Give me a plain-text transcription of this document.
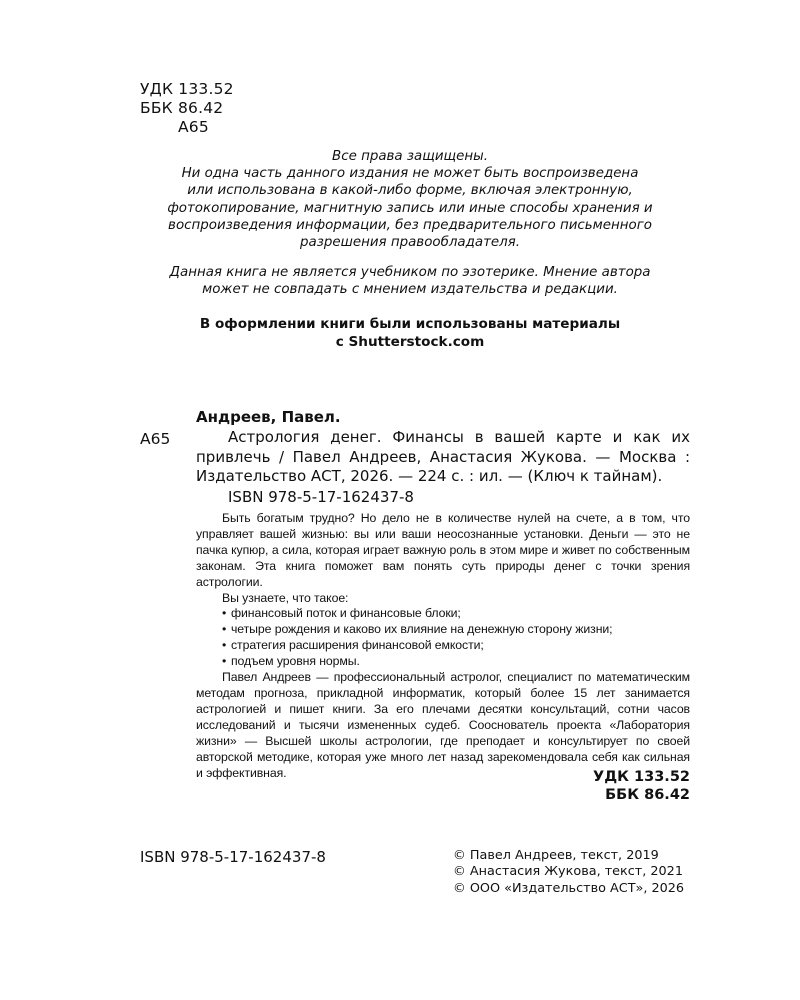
УДК 133.52
ББК 86.42
А65
Все права защищены.
Ни одна часть данного издания не может быть воспроизведена
или использована в какой-либо форме, включая электронную,
фотокопирование, магнитную запись или иные способы хранения и
воспроизведения информации, без предварительного письменного
разрешения правообладателя.
Данная книга не является учебником по эзотерике. Мнение автора
может не совпадать с мнением издательства и редакции.
В оформлении книги были использованы материалы
с Shutterstock.com
Андреев, Павел.
А65	Астрология денег. Финансы в вашей карте и как их привлечь / Павел Андреев, Анастасия Жукова. — Москва : Издательство АСТ, 2026. — 224 с. : ил. — (Ключ к тайнам).
ISBN 978-5-17-162437-8

Быть богатым трудно? Но дело не в количестве нулей на счете, а в том, что управляет вашей жизнью: вы или ваши неосознанные установки. Деньги — это не пачка купюр, а сила, которая играет важную роль в этом мире и живет по собственным законам. Эта книга поможет вам понять суть природы денег с точки зрения астрологии.

Вы узнаете, что такое:

• финансовый поток и финансовые блоки;
• четыре рождения и каково их влияние на денежную сторону жизни;
• стратегия расширения финансовой емкости;
• подъем уровня нормы.

Павел Андреев — профессиональный астролог, специалист по математическим методам прогноза, прикладной информатик, который более 15 лет занимается астрологией и пишет книги. За его плечами десятки консультаций, сотни часов исследований и тысячи измененных судеб. Сооснователь проекта «Лаборатория жизни» — Высшей школы астрологии, где преподает и консультирует по своей авторской методике, которая уже много лет назад зарекомендовала себя как сильная и эффективная.	УДК 133.52
ББК 86.42
ISBN 978-5-17-162437-8	© Павел Андреев, текст, 2019
© Анастасия Жукова, текст, 2021
© ООО «Издательство АСТ», 2026
